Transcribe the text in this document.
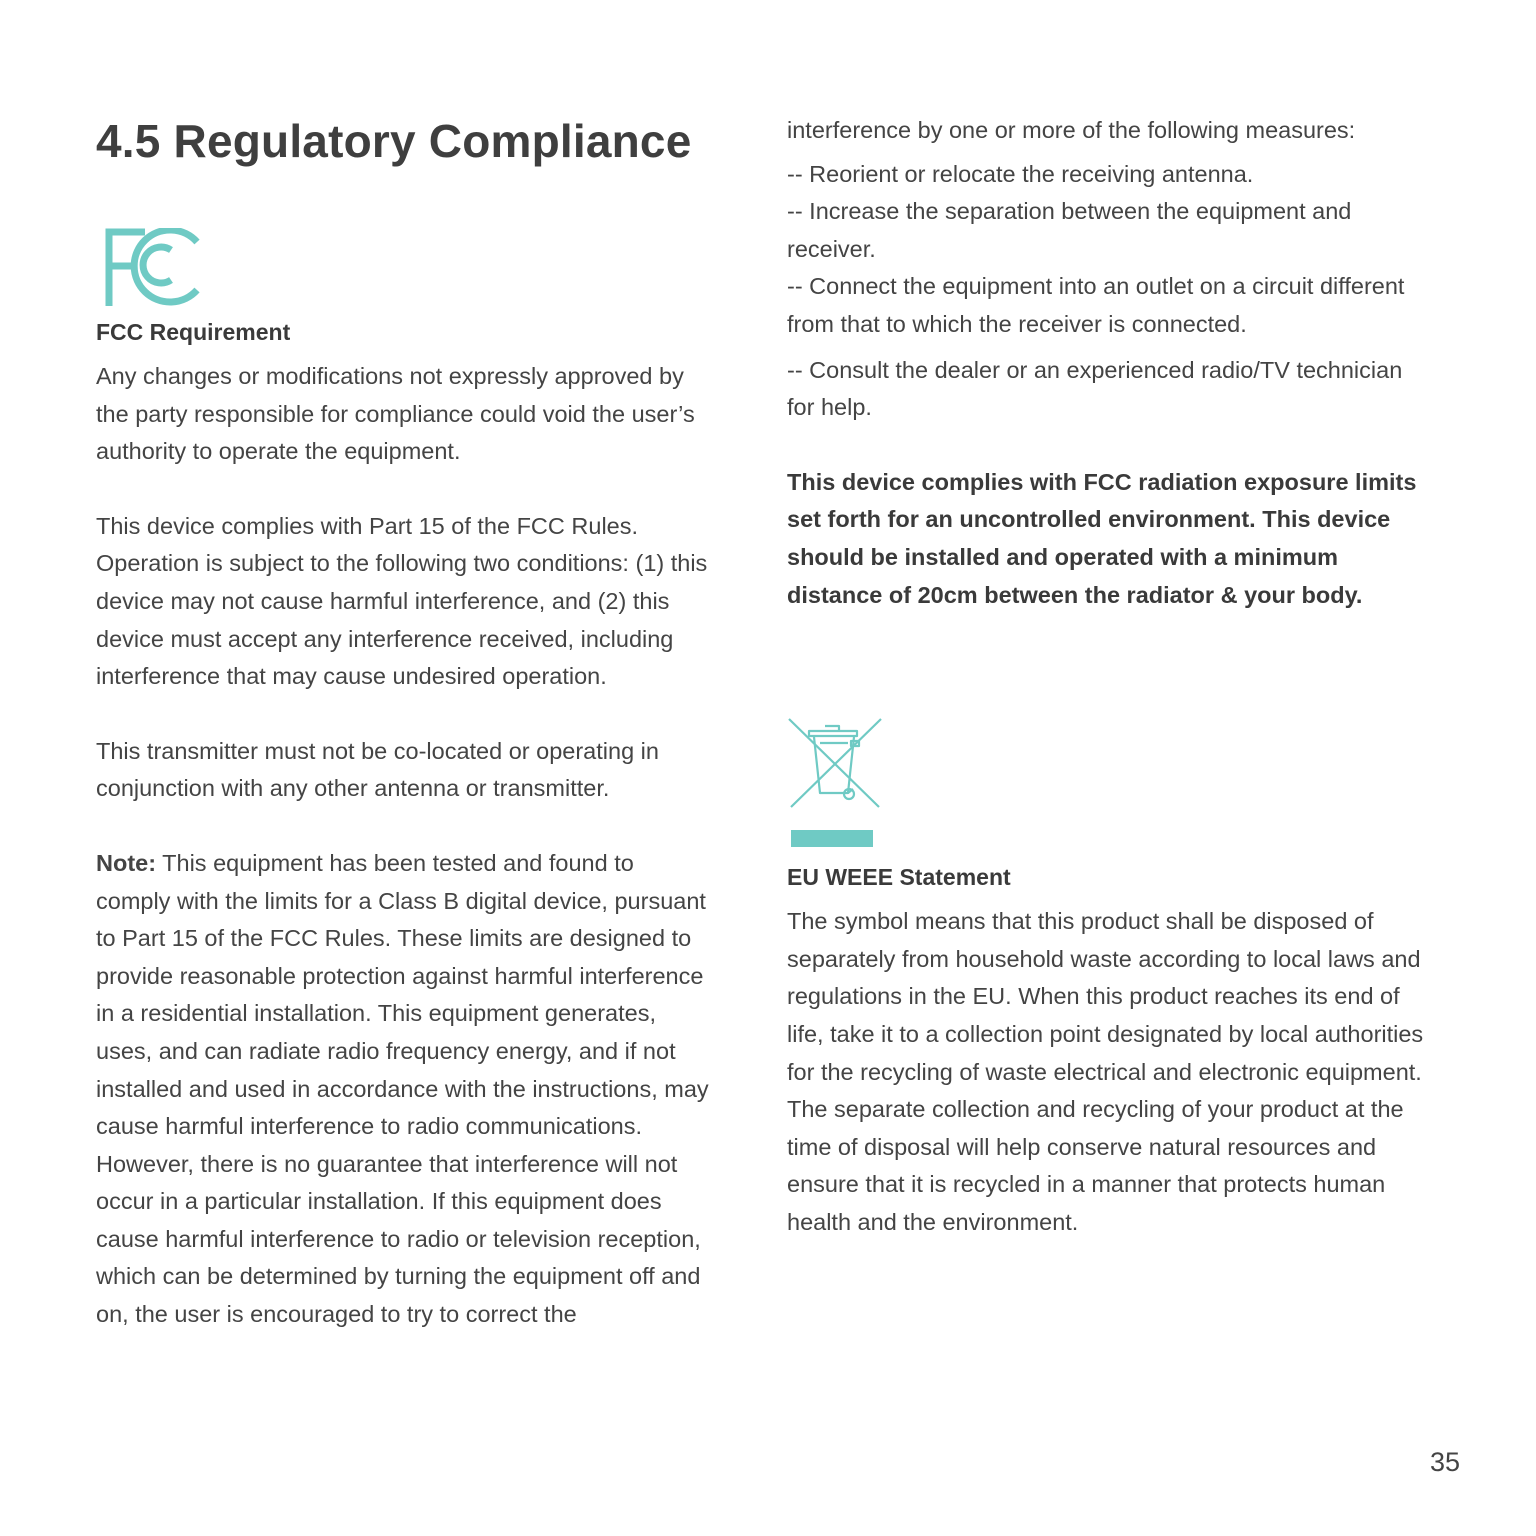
4.5 Regulatory Compliance
FCC Requirement

Any changes or modifications not expressly approved by the party responsible for compliance could void the user’s authority to operate the equipment.

This device complies with Part 15 of the FCC Rules. Operation is subject to the following two conditions: (1) this device may not cause harmful interference, and (2) this device must accept any interference received, including interference that may cause undesired operation.

This transmitter must not be co-located or operating in conjunction with any other antenna or transmitter.

Note: This equipment has been tested and found to comply with the limits for a Class B digital device, pursuant to Part 15 of the FCC Rules. These limits are designed to provide reasonable protection against harmful interference in a residential installation. This equipment generates, uses, and can radiate radio frequency energy, and if not installed and used in accordance with the instructions, may cause harmful interference to radio communications. However, there is no guarantee that interference will not occur in a particular installation. If this equipment does cause harmful interference to radio or television reception, which can be determined by turning the equipment off and on, the user is encouraged to try to correct the

interference by one or more of the following measures:

-- Reorient or relocate the receiving antenna.

-- Increase the separation between the equipment and receiver.

-- Connect the equipment into an outlet on a circuit different from that to which the receiver is connected.

-- Consult the dealer or an experienced radio/TV technician for help.

This device complies with FCC radiation exposure limits set forth for an uncontrolled environment. This device should be installed and operated with a minimum distance of 20cm between the radiator & your body.

EU WEEE Statement

The symbol means that this product shall be disposed of separately from household waste according to local laws and regulations in the EU. When this product reaches its end of life, take it to a collection point designated by local authorities for the recycling of waste electrical and electronic equipment. The separate collection and recycling of your product at the time of disposal will help conserve natural resources and ensure that it is recycled in a manner that protects human health and the environment.

35
